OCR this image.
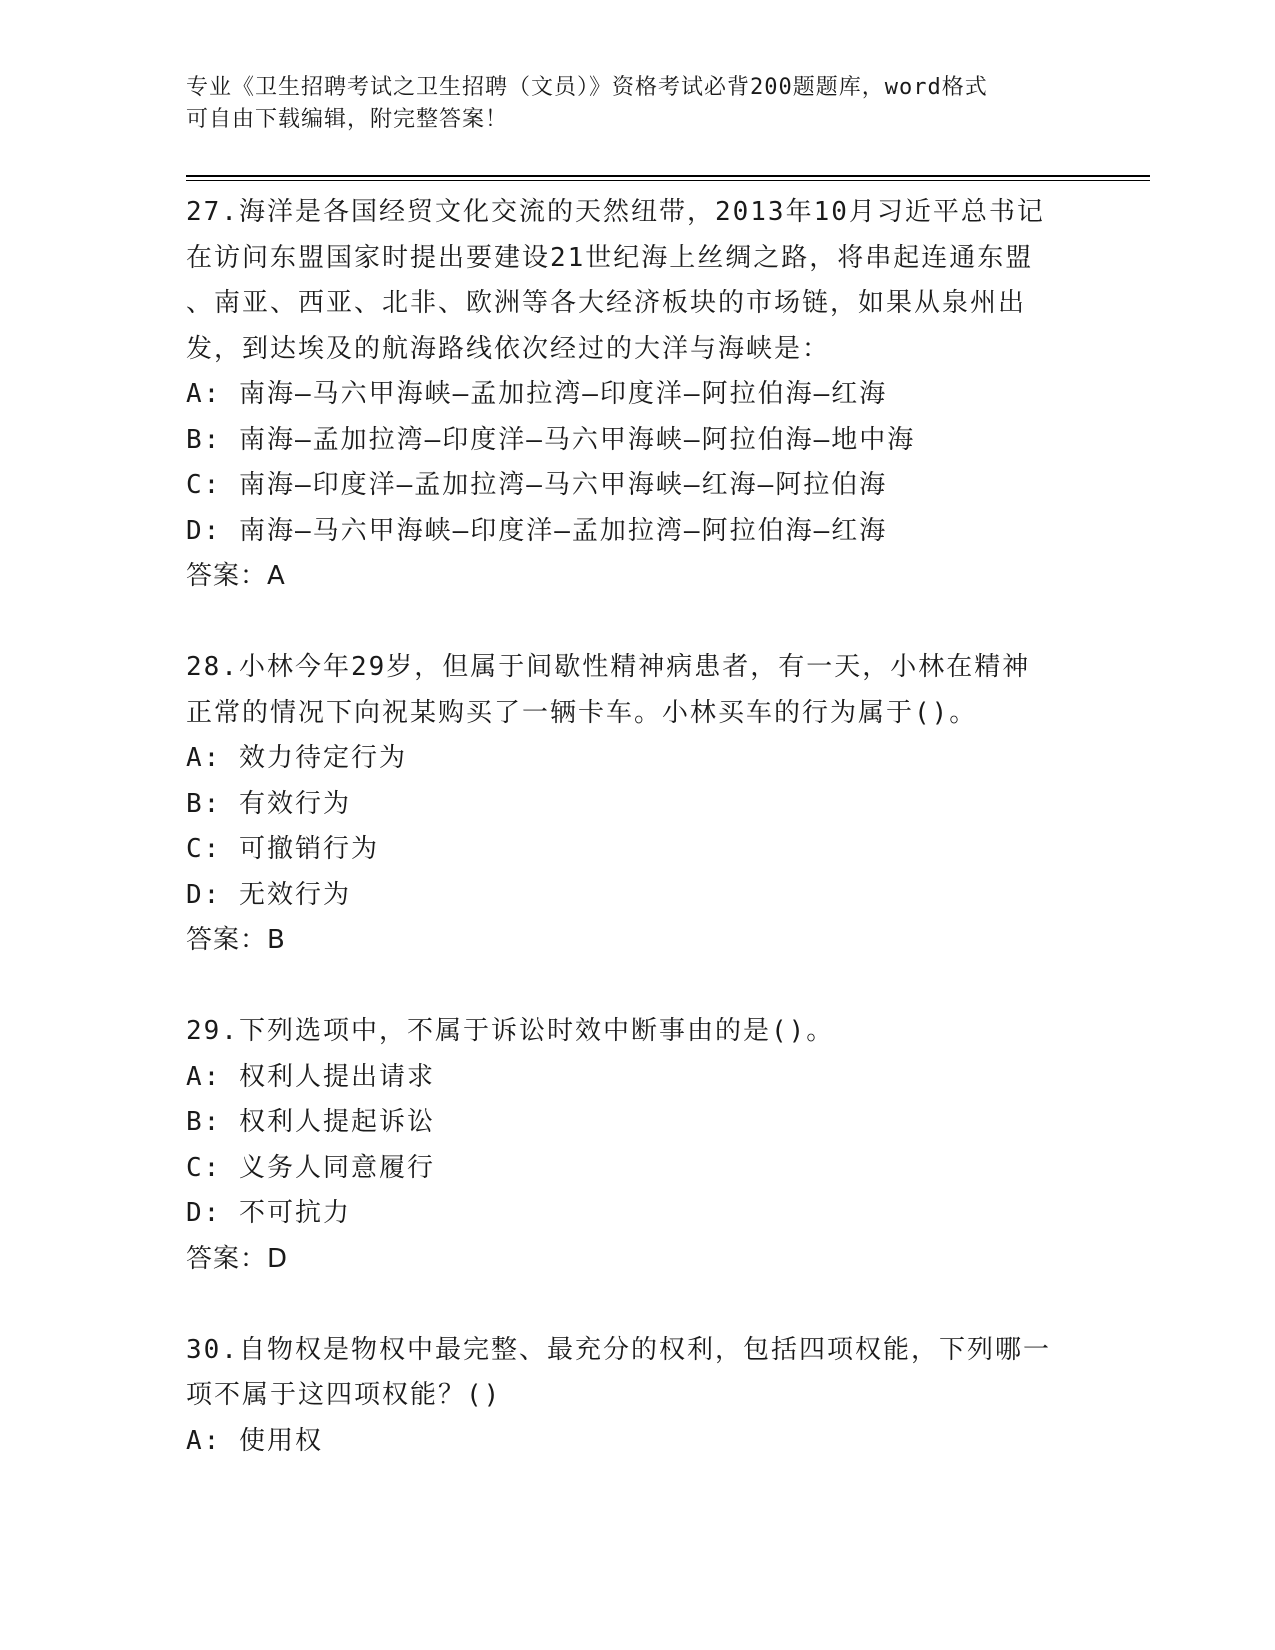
专业《卫生招聘考试之卫生招聘（文员）》资格考试必背200题题库，word格式
可自由下载编辑，附完整答案！
27.海洋是各国经贸文化交流的天然纽带，2013年10月习近平总书记
在访问东盟国家时提出要建设21世纪海上丝绸之路，将串起连通东盟
、南亚、西亚、北非、欧洲等各大经济板块的市场链，如果从泉州出
发，到达埃及的航海路线依次经过的大洋与海峡是：
A: 南海—马六甲海峡—孟加拉湾—印度洋—阿拉伯海—红海
B: 南海—孟加拉湾—印度洋—马六甲海峡—阿拉伯海—地中海
C: 南海—印度洋—孟加拉湾—马六甲海峡—红海—阿拉伯海
D: 南海—马六甲海峡—印度洋—孟加拉湾—阿拉伯海—红海
答案：A
28.小林今年29岁，但属于间歇性精神病患者，有一天，小林在精神
正常的情况下向祝某购买了一辆卡车。小林买车的行为属于()。
A: 效力待定行为
B: 有效行为
C: 可撤销行为
D: 无效行为
答案：B
29.下列选项中，不属于诉讼时效中断事由的是()。
A: 权利人提出请求
B: 权利人提起诉讼
C: 义务人同意履行
D: 不可抗力
答案：D
30.自物权是物权中最完整、最充分的权利，包括四项权能，下列哪一
项不属于这四项权能？()
A: 使用权
